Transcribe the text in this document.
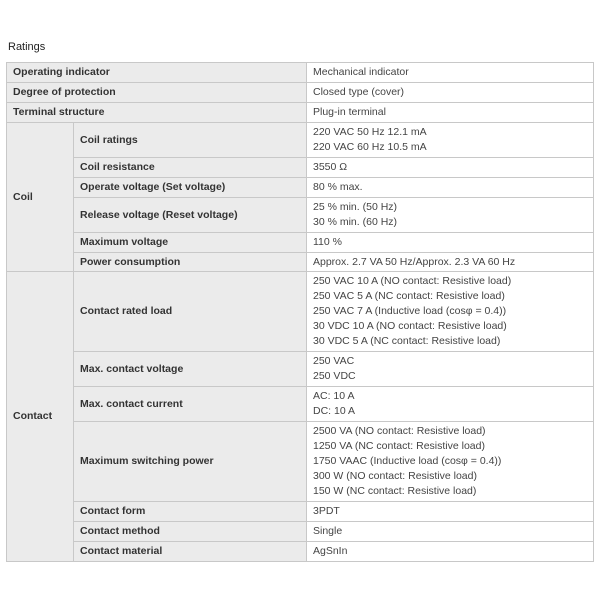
Ratings
Operating indicator		Mechanical indicator

Degree of protection		Closed type (cover)

Terminal structure		Plug-in terminal

Coil	Coil ratings	220 VAC 50 Hz 12.1 mA
220 VAC 60 Hz 10.5 mA

	Coil resistance	3550 Ω

	Operate voltage (Set voltage)	80 % max.

	Release voltage (Reset voltage)	25 % min. (50 Hz)
30 % min. (60 Hz)

	Maximum voltage	110 %

	Power consumption	Approx. 2.7 VA 50 Hz/Approx. 2.3 VA 60 Hz

Contact	Contact rated load	250 VAC 10 A (NO contact: Resistive load)
250 VAC 5 A (NC contact: Resistive load)
250 VAC 7 A (Inductive load (cosφ = 0.4))
30 VDC 10 A (NO contact: Resistive load)
30 VDC 5 A (NC contact: Resistive load)

	Max. contact voltage	250 VAC
250 VDC

	Max. contact current	AC: 10 A
DC: 10 A

	Maximum switching power	2500 VA (NO contact: Resistive load)
1250 VA (NC contact: Resistive load)
1750 VAAC (Inductive load (cosφ = 0.4))
300 W (NO contact: Resistive load)
150 W (NC contact: Resistive load)

	Contact form	3PDT

	Contact method	Single

	Contact material	AgSnIn
